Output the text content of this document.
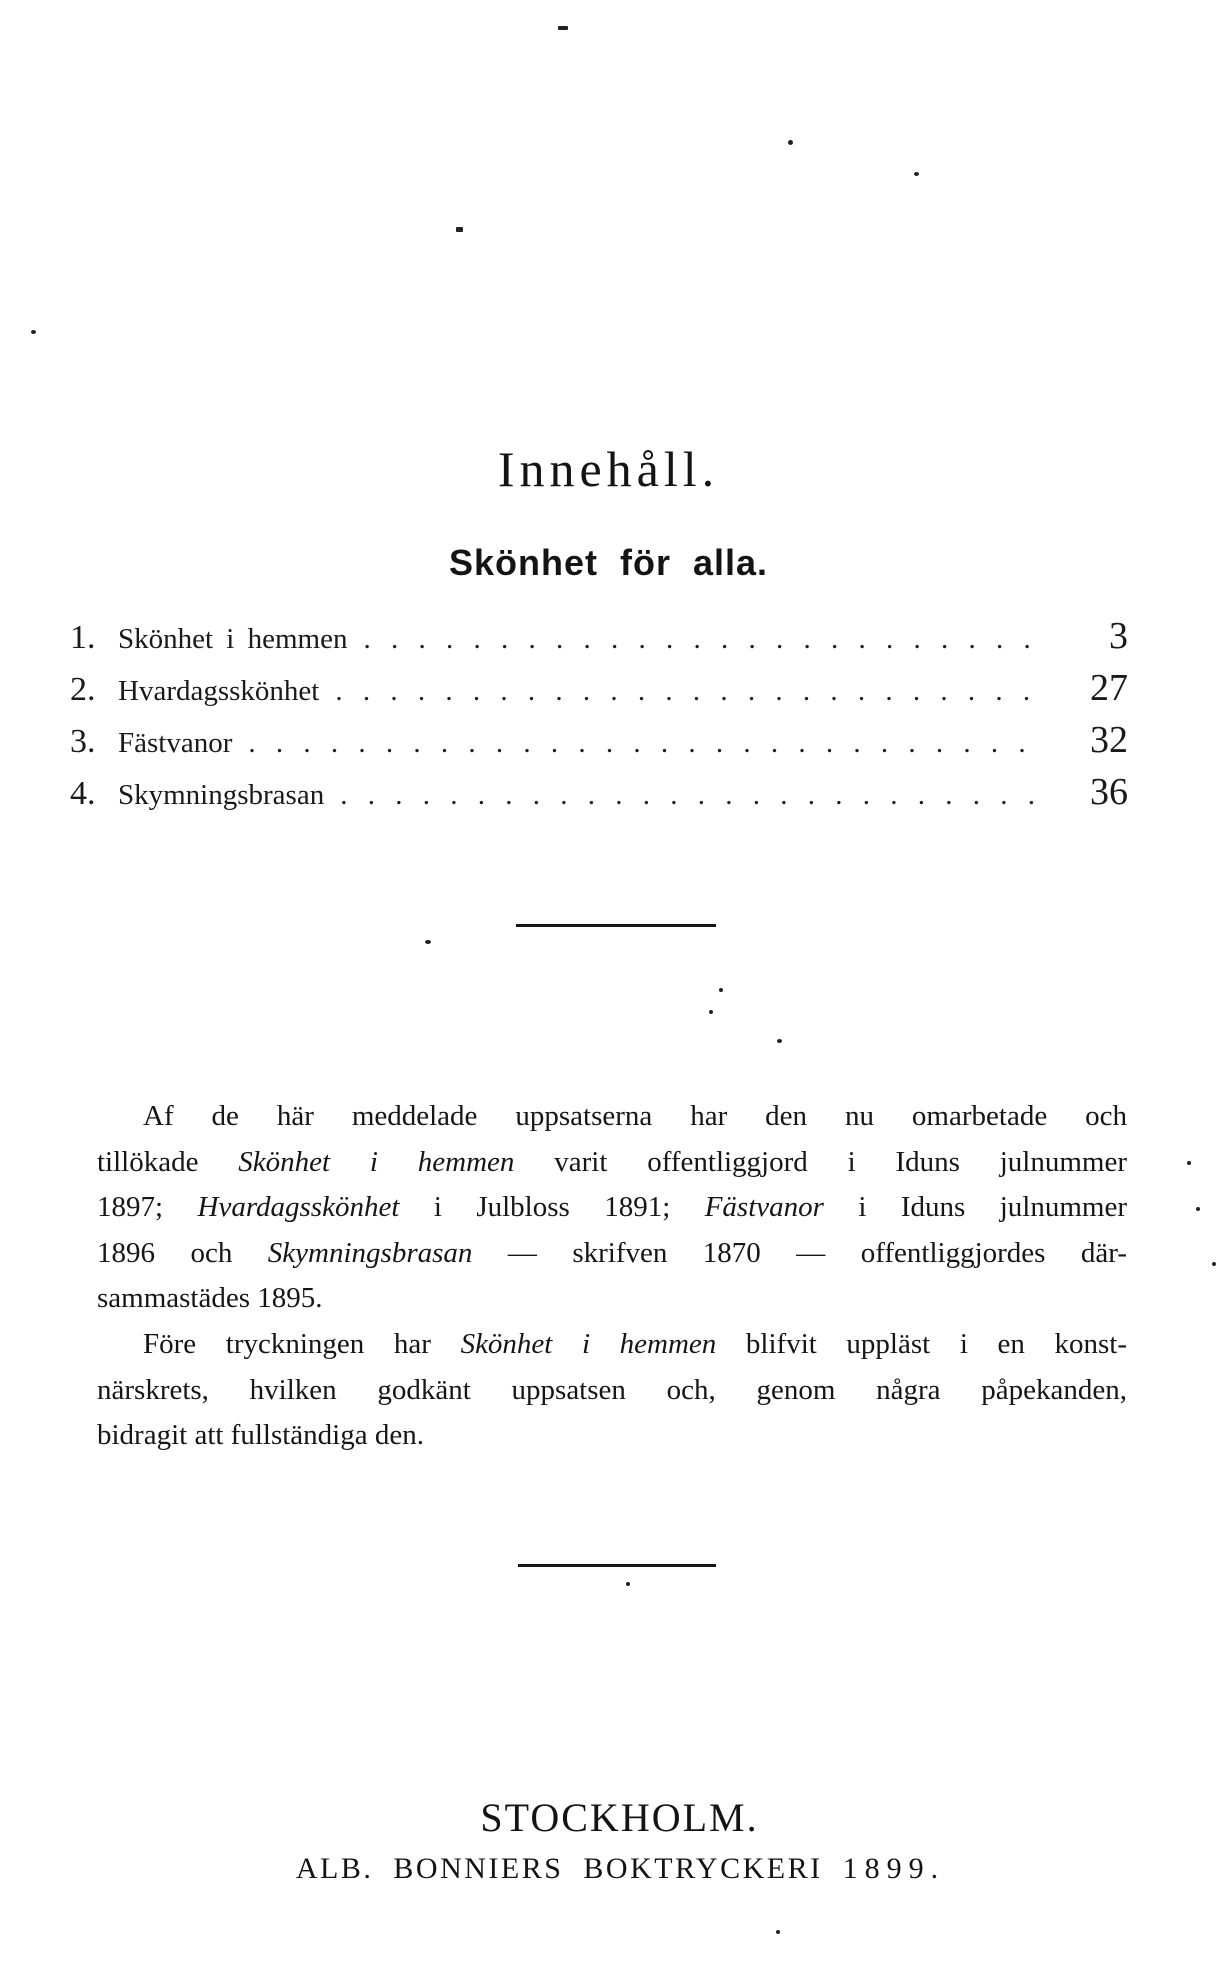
Innehåll.
Skönhet för alla.
1. Skönhet i hemmen . . .	3
2. Hvardagsskönhet . . .	27
3. Fästvanor . . .	32
4. Skymningsbrasan . . .	36
Af de här meddelade uppsatserna har den nu omarbetade och
tillökade Skönhet i hemmen varit offentliggjord i Iduns julnummer
1897; Hvardagsskönhet i Julbloss 1891; Fästvanor i Iduns julnummer
1896 och Skymningsbrasan — skrifven 1870 — offentliggjordes där-
sammastädes 1895.
Före tryckningen har Skönhet i hemmen blifvit uppläst i en konst-
närskrets, hvilken godkänt uppsatsen och, genom några påpekanden,
bidragit att fullständiga den.
STOCKHOLM.
ALB. BONNIERS BOKTRYCKERI 1899.
